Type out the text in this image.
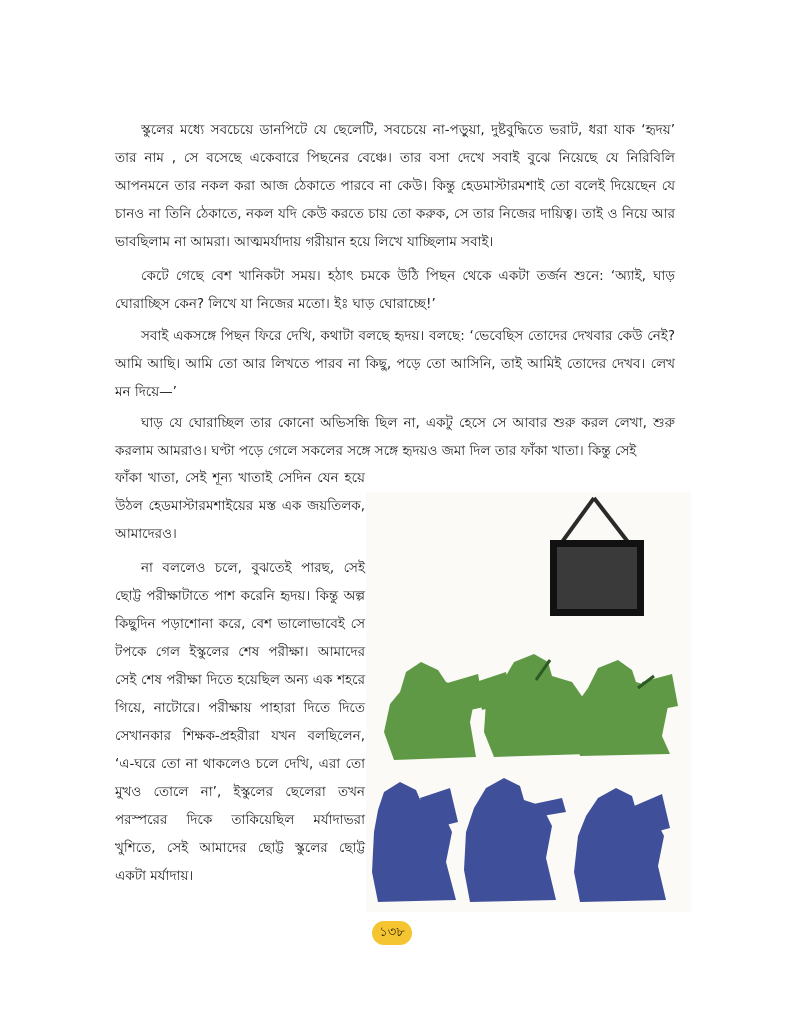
স্কুলের মধ্যে সবচেয়ে ডানপিটে যে ছেলেটি, সবচেয়ে না-পড়ুয়া, দুষ্টবুদ্ধিতে ভরাট, ধরা যাক ‘হৃদয়’ তার নাম , সে বসেছে একেবারে পিছনের বেঞ্চে। তার বসা দেখে সবাই বুঝে নিয়েছে যে নিরিবিলি আপনমনে তার নকল করা আজ ঠেকাতে পারবে না কেউ। কিন্তু হেডমাস্টারমশাই তো বলেই দিয়েছেন যে চানও না তিনি ঠেকাতে, নকল যদি কেউ করতে চায় তো করুক, সে তার নিজের দায়িত্ব। তাই ও নিয়ে আর ভাবছিলাম না আমরা। আত্মমর্যাদায় গরীয়ান হয়ে লিখে যাচ্ছিলাম সবাই।

কেটে গেছে বেশ খানিকটা সময়। হঠাৎ চমকে উঠি পিছন থেকে একটা তর্জন শুনে: ‘অ্যাই, ঘাড় ঘোরাচ্ছিস কেন? লিখে যা নিজের মতো। ইঃ ঘাড় ঘোরাচ্ছে!’

সবাই একসঙ্গে পিছন ফিরে দেখি, কথাটা বলছে হৃদয়। বলছে: ‘ভেবেছিস তোদের দেখবার কেউ নেই? আমি আছি। আমি তো আর লিখতে পারব না কিছু, পড়ে তো আসিনি, তাই আমিই তোদের দেখব। লেখ মন দিয়ে—’

ঘাড় যে ঘোরাচ্ছিল তার কোনো অভিসন্ধি ছিল না, একটু হেসে সে আবার শুরু করল লেখা, শুরু করলাম আমরাও। ঘণ্টা পড়ে গেলে সকলের সঙ্গে সঙ্গে হৃদয়ও জমা দিল তার ফাঁকা খাতা। কিন্তু সেই

ফাঁকা খাতা, সেই শূন্য খাতাই সেদিন যেন হয়ে উঠল হেডমাস্টারমশাইয়ের মস্ত এক জয়তিলক, আমাদেরও।

না বললেও চলে, বুঝতেই পারছ, সেই ছোট্ট পরীক্ষাটাতে পাশ করেনি হৃদয়। কিন্তু অল্প কিছুদিন পড়াশোনা করে, বেশ ভালোভাবেই সে টপকে গেল ইস্কুলের শেষ পরীক্ষা। আমাদের সেই শেষ পরীক্ষা দিতে হয়েছিল অন্য এক শহরে গিয়ে, নাটোরে। পরীক্ষায় পাহারা দিতে দিতে সেখানকার শিক্ষক-প্রহরীরা যখন বলছিলেন, ‘এ-ঘরে তো না থাকলেও চলে দেখি, এরা তো মুখও তোলে না’, ইস্কুলের ছেলেরা তখন পরস্পরের দিকে তাকিয়েছিল মর্যাদাভরা খুশিতে, সেই আমাদের ছোট্ট স্কুলের ছোট্ট একটা মর্যাদায়।

১৩৮
